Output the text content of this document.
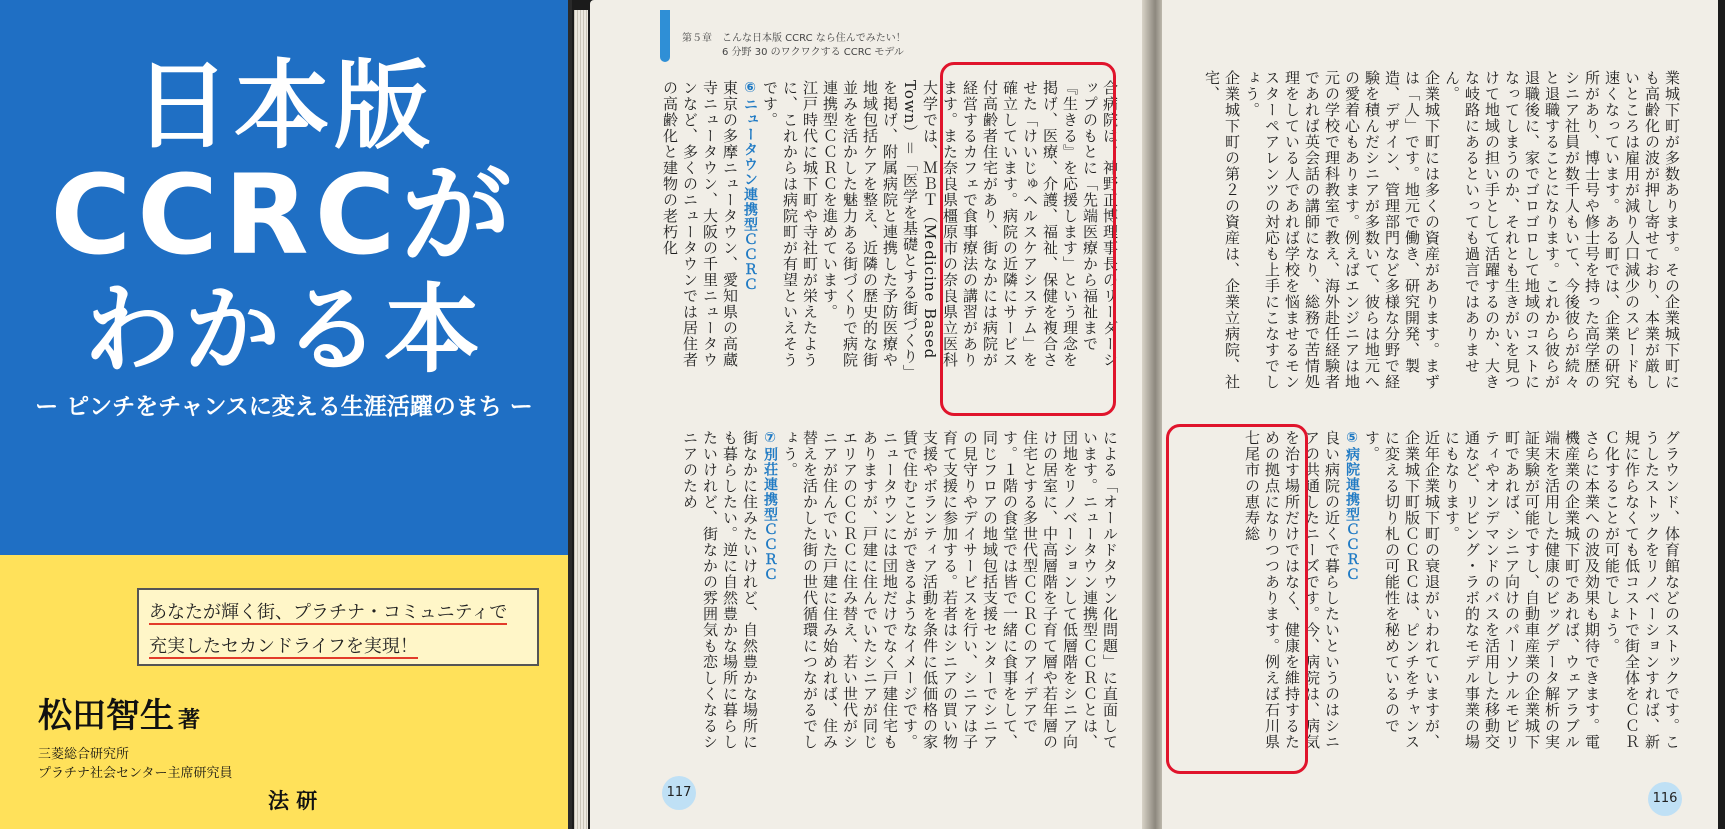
日本版
CCRCが
わかる本
ー ピンチをチャンスに変える生涯活躍のまち ー
あなたが輝く街、プラチナ・コミュニティで
充実したセカンドライフを実現！
松田智生 著
三菱総合研究所
プラチナ社会センター主席研究員
法 研
第５章　こんな日本版 CCRC なら住んでみたい！
6 分野 30 のワクワクする CCRC モデル
合病院は、神野正博理事長のリーダーシップのもとに「先端医療から福祉まで『生きる』を応援します」という理念を掲げ、医療、介護、福祉、保健を複合させた「けいじゅヘルスケアシステム」を確立しています。病院の近隣にサービス付高齢者住宅があり、街なかには病院が経営するカフェで食事療法の講習があります。また奈良県橿原市の奈良県立医科大学では、ＭＢＴ（Medicine Based Town）＝「医学を基礎とする街づくり」を掲げ、附属病院と連携した予防医療や地域包括ケアを整え、近隣の歴史的な街並みを活かした魅力ある街づくりで病院連携型ＣＣＲＣを進めています。
江戸時代に城下町や寺社町が栄えたように、これからは病院町が有望といえそうです。
⑥ニュータウン連携型ＣＣＲＣ
東京の多摩ニュータウン、愛知県の高蔵寺ニュータウン、大阪の千里ニュータウンなど、多くのニュータウンでは居住者の高齢化と建物の老朽化
による「オールドタウン化問題」に直面しています。ニュータウン連携型ＣＣＲＣとは、団地をリノベーションして低層階をシニア向けの居室に、中高層階を子育て層や若年層の住宅とする多世代型ＣＣＲＣのアイデアです。１階の食堂では皆で一緒に食事をして、同じフロアの地域包括支援センターでシニアの見守りやデイサービスを行い、シニアは子育て支援に参加する。若者はシニアの買い物支援やボランティア活動を条件に低価格の家賃で住むことができるようなイメージです。
ニュータウンには団地だけでなく戸建住宅もありますが、戸建に住んでいたシニアが同じエリアのＣＣＲＣに住み替え、若い世代がシニアが住んでいた戸建に住み始めれば、住み替えを活かした街の世代循環につながるでしょう。
⑦別荘連携型ＣＣＲＣ
街なかに住みたいけれど、自然豊かな場所にも暮らしたい。逆に自然豊かな場所に暮らしたいけれど、街なかの雰囲気も恋しくなるシニアのため
117
業城下町が多数あります。その企業城下町にも高齢化の波が押し寄せており、本業が厳しいところは雇用が減り人口減少のスピードも速くなっています。ある町では、企業の研究所があり、博士号や修士号を持った高学歴のシニア社員が数千人もいて、今後彼らが続々と退職することになります。これから彼らが退職後に、家でゴロゴロして地域のコストになってしまうのか、それとも生きがいを見つけて地域の担い手として活躍するのか、大きな岐路にあるといっても過言ではありません。
企業城下町には多くの資産があります。まずは「人」です。地元で働き、研究開発、製造、デザイン、管理部門など多様な分野で経験を積んだシニアが多数いて、彼らは地元への愛着心もあります。例えばエンジニアは地元の学校で理科教室で教え、海外赴任経験者であれば英会話の講師になり、総務で苦情処理をしている人であれば学校を悩ませるモンスターペアレンツの対応も上手にこなすでしょう。
企業城下町の第２の資産は、企業立病院、社宅、
グラウンド、体育館などのストックです。こうしたストックをリノベーションすれば、新規に作らなくても低コストで街全体をＣＣＲＣ化することが可能でしょう。
さらに本業への波及効果も期待できます。電機産業の企業城下町であれば、ウェアラブル端末を活用した健康のビッグデータ解析の実証実験が可能ですし、自動車産業の企業城下町であれば、シニア向けのパーソナルモビリティやオンデマンドのバスを活用した移動交通など、リビング・ラボ的なモデル事業の場にもなります。
近年企業城下町の衰退がいわれていますが、企業城下町版ＣＣＲＣは、ピンチをチャンスに変える切り札の可能性を秘めているのです。
⑤病院連携型ＣＣＲＣ
良い病院の近くで暮らしたいというのはシニアの共通したニーズです。今、病院は、病気を治す場所だけではなく、健康を維持するための拠点になりつつあります。例えば石川県七尾市の恵寿総
116
